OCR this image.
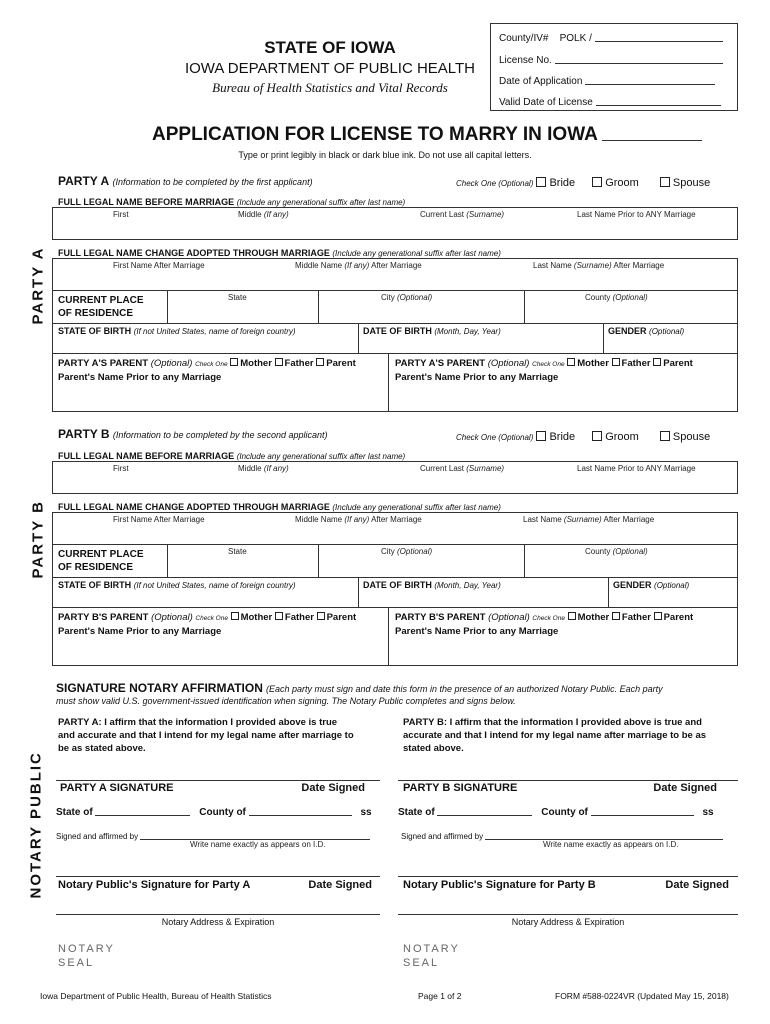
STATE OF IOWA
IOWA DEPARTMENT OF PUBLIC HEALTH
Bureau of Health Statistics and Vital Records
County/IV# POLK /
License No.
Date of Application
Valid Date of License
APPLICATION FOR LICENSE TO MARRY IN IOWA
Type or print legibly in black or dark blue ink. Do not use all capital letters.
PARTY A
PARTY A (Information to be completed by the first applicant)	Check One (Optional) Bride	Groom	Spouse
FULL LEGAL NAME BEFORE MARRIAGE (Include any generational suffix after last name)
First	Middle (If any)	Current Last (Surname)	Last Name Prior to ANY Marriage
FULL LEGAL NAME CHANGE ADOPTED THROUGH MARRIAGE (Include any generational suffix after last name)
First Name After Marriage	Middle Name (If any) After Marriage	Last Name (Surname) After Marriage
CURRENT PLACE
OF RESIDENCE
State	City (Optional)	County (Optional)
STATE OF BIRTH (If not United States, name of foreign country)	DATE OF BIRTH (Month, Day, Year)	GENDER (Optional)
PARTY A'S PARENT (Optional) Check One Mother Father Parent
Parent's Name Prior to any Marriage
PARTY A'S PARENT (Optional) Check One Mother Father Parent
Parent's Name Prior to any Marriage
PARTY B
PARTY B (Information to be completed by the second applicant)	Check One (Optional) Bride	Groom	Spouse
FULL LEGAL NAME BEFORE MARRIAGE (Include any generational suffix after last name)
First	Middle (If any)	Current Last (Surname)	Last Name Prior to ANY Marriage
FULL LEGAL NAME CHANGE ADOPTED THROUGH MARRIAGE (Include any generational suffix after last name)
First Name After Marriage	Middle Name (If any) After Marriage	Last Name (Surname) After Marriage
CURRENT PLACE
OF RESIDENCE
State	City (Optional)	County (Optional)
STATE OF BIRTH (If not United States, name of foreign country)	DATE OF BIRTH (Month, Day, Year)	GENDER (Optional)
PARTY B'S PARENT (Optional) Check One Mother Father Parent
Parent's Name Prior to any Marriage
PARTY B'S PARENT (Optional) Check One Mother Father Parent
Parent's Name Prior to any Marriage
NOTARY PUBLIC
SIGNATURE NOTARY AFFIRMATION (Each party must sign and date this form in the presence of an authorized Notary Public. Each party
must show valid U.S. government-issued identification when signing. The Notary Public completes and signs below.
PARTY A: I affirm that the information I provided above is true
and accurate and that I intend for my legal name after marriage to
be as stated above.
PARTY B: I affirm that the information I provided above is true and
accurate and that I intend for my legal name after marriage to be as
stated above.
PARTY A SIGNATURE	Date Signed
State of	County of	ss
Signed and affirmed by
Write name exactly as appears on I.D.
Notary Public's Signature for Party A	Date Signed
Notary Address & Expiration
NOTARY
SEAL
PARTY B SIGNATURE	Date Signed
State of	County of	ss
Signed and affirmed by
Write name exactly as appears on I.D.
Notary Public's Signature for Party B	Date Signed
Notary Address & Expiration
NOTARY
SEAL
Iowa Department of Public Health, Bureau of Health Statistics	Page 1 of 2	FORM #588-0224VR (Updated May 15, 2018)
